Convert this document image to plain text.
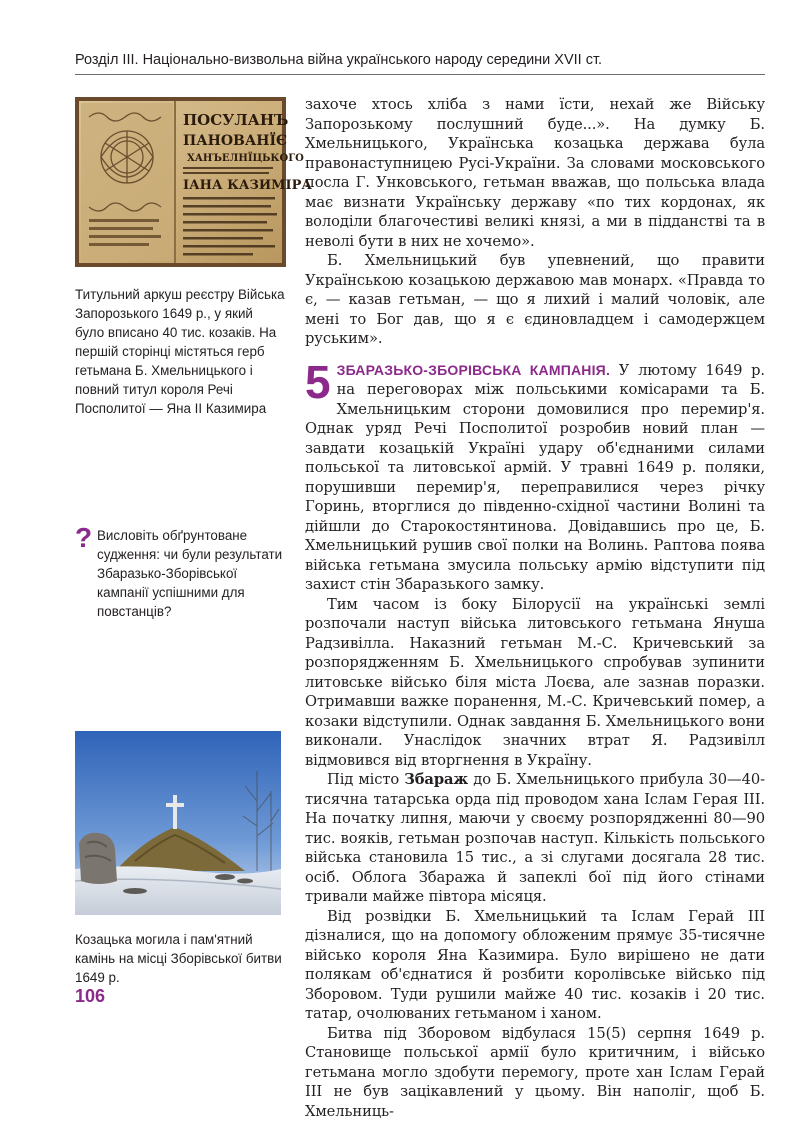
Розділ ІІІ. Національно-визвольна війна українського народу середини XVII ст.
ПОСУЛАНЪ
ПАНОВАНЇЄ
ХАНЪЕЛНЇЦЬКОГО
ІАНА КАЗИМІРА

Титульний аркуш реєстру Війська Запорозького 1649 р., у який було вписано 40 тис. козаків. На першій сторінці містяться герб гетьмана Б. Хмельницького і повний титул короля Речі Посполитої — Яна ІІ Казимира

? Висловіть обґрунтоване судження: чи були результати Збаразько-Зборівської кампанії успішними для повстанців?

Козацька могила і пам'ятний камінь на місці Зборівської битви 1649 р.

захоче хтось хліба з нами їсти, нехай же Війську Запорозькому послушний буде...». На думку Б. Хмельницького, Українська козацька держава була правонаступницею Русі-України. За словами московського посла Г. Унковського, гетьман вважав, що польська влада має визнати Українську державу «по тих кордонах, як володіли благочестиві великі князі, а ми в підданстві та в неволі бути в них не хочемо».

Б. Хмельницький був упевнений, що правити Українською козацькою державою мав монарх. «Правда то є, — казав гетьман, — що я лихий і малий чоловік, але мені то Бог дав, що я є єдиновладцем і самодержцем руським».

5 ЗБАРАЗЬКО-ЗБОРІВСЬКА КАМПАНІЯ. У лютому 1649 р. на переговорах між польськими комісарами та Б. Хмельницьким сторони домовилися про перемир'я. Однак уряд Речі Посполитої розробив новий план — завдати козацькій Україні удару об'єднаними силами польської та литовської армій. У травні 1649 р. поляки, порушивши перемир'я, переправилися через річку Горинь, вторглися до південно-східної частини Волині та дійшли до Старокостянтинова. Довідавшись про це, Б. Хмельницький рушив свої полки на Волинь. Раптова поява війська гетьмана змусила польську армію відступити під захист стін Збаразького замку.

Тим часом із боку Білорусії на українські землі розпочали наступ війська литовського гетьмана Януша Радзивілла. Наказний гетьман М.-С. Кричевський за розпорядженням Б. Хмельницького спробував зупинити литовське військо біля міста Лоєва, але зазнав поразки. Отримавши важке поранення, М.-С. Кричевський помер, а козаки відступили. Однак завдання Б. Хмельницького вони виконали. Унаслідок значних втрат Я. Радзивілл відмовився від вторгнення в Україну.

Під місто Збараж до Б. Хмельницького прибула 30—40-тисячна татарська орда під проводом хана Іслам Герая ІІІ. На початку липня, маючи у своєму розпорядженні 80—90 тис. вояків, гетьман розпочав наступ. Кількість польського війська становила 15 тис., а зі слугами досягала 28 тис. осіб. Облога Збаража й запеклі бої під його стінами тривали майже півтора місяця.

Від розвідки Б. Хмельницький та Іслам Герай ІІІ дізналися, що на допомогу обложеним прямує 35-тисячне військо короля Яна Казимира. Було вирішено не дати полякам об'єднатися й розбити королівське військо під Зборовом. Туди рушили майже 40 тис. козаків і 20 тис. татар, очолюваних гетьманом і ханом.

Битва під Зборовом відбулася 15(5) серпня 1649 р. Становище польської армії було критичним, і військо гетьмана могло здобути перемогу, проте хан Іслам Герай ІІІ не був зацікавлений у цьому. Він наполіг, щоб Б. Хмельниць-

106
